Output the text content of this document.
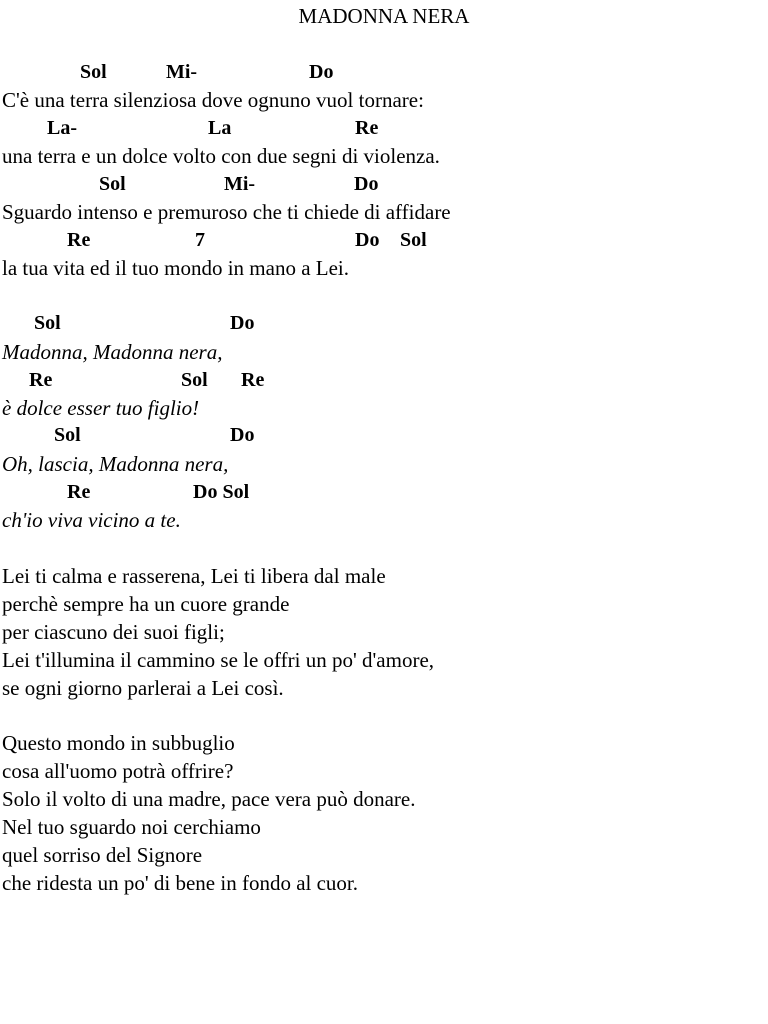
MADONNA NERA

Sol

	Mi-

	Do

C'è una terra silenziosa dove ognuno vuol tornare:

La-

	La

	Re

una terra e un dolce volto con due segni di violenza.

Sol

	Mi-

	Do

Sguardo intenso e premuroso che ti chiede di affidare

Re

	7

	Do

Sol

la tua vita ed il tuo mondo in mano a Lei.

Sol

	Do

Madonna, Madonna nera,

Re

	Sol

Re

è dolce esser tuo figlio!

Sol

	Do

Oh, lascia, Madonna nera,

Re

	Do Sol

ch'io viva vicino a te.
Lei ti calma e rasserena, Lei ti libera dal male
perchè sempre ha un cuore grande
per ciascuno dei suoi figli;
Lei t'illumina il cammino se le offri un po' d'amore,
se ogni giorno parlerai a Lei così.
Questo mondo in subbuglio
cosa all'uomo potrà offrire?
Solo il volto di una madre, pace vera può donare.
Nel tuo sguardo noi cerchiamo
quel sorriso del Signore
che ridesta un po' di bene in fondo al cuor.
